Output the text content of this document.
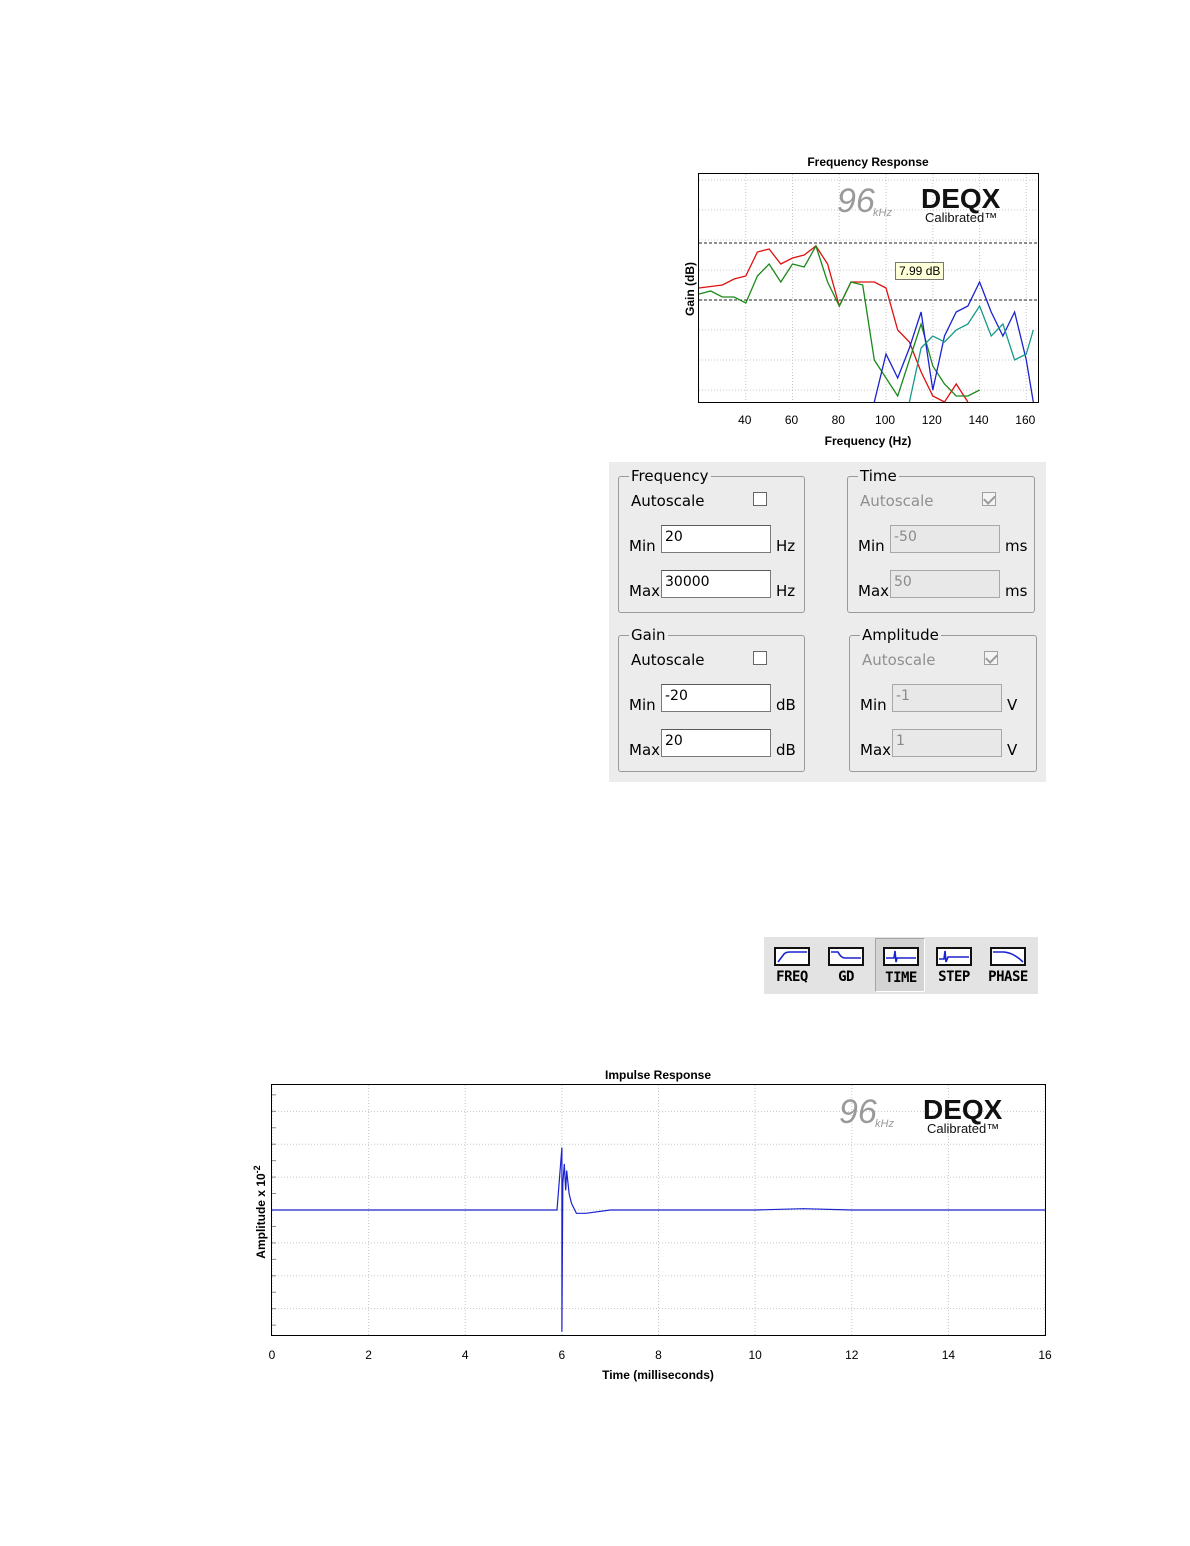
Frequency Response
Gain (dB)
96
kHz DEQX
Calibrated™
7.99 dB
40	60	80	100 120 140 160
Frequency (Hz)
Frequency
Autoscale
Min 20	Hz
Max 30000	Hz
Time
Autoscale
Min -50	ms
Max 50	ms
Gain
Autoscale
Min -20	dB
Max 20	dB
Amplitude
Autoscale
Min -1	V
Max 1	V
FREQ	GD	TIME	STEP	PHASE
Impulse Response
Amplitude x $10^{-2}$
96
kHz DEQX
Calibrated™
0	2	4	6	8	10	12	14	16
Time (milliseconds)
